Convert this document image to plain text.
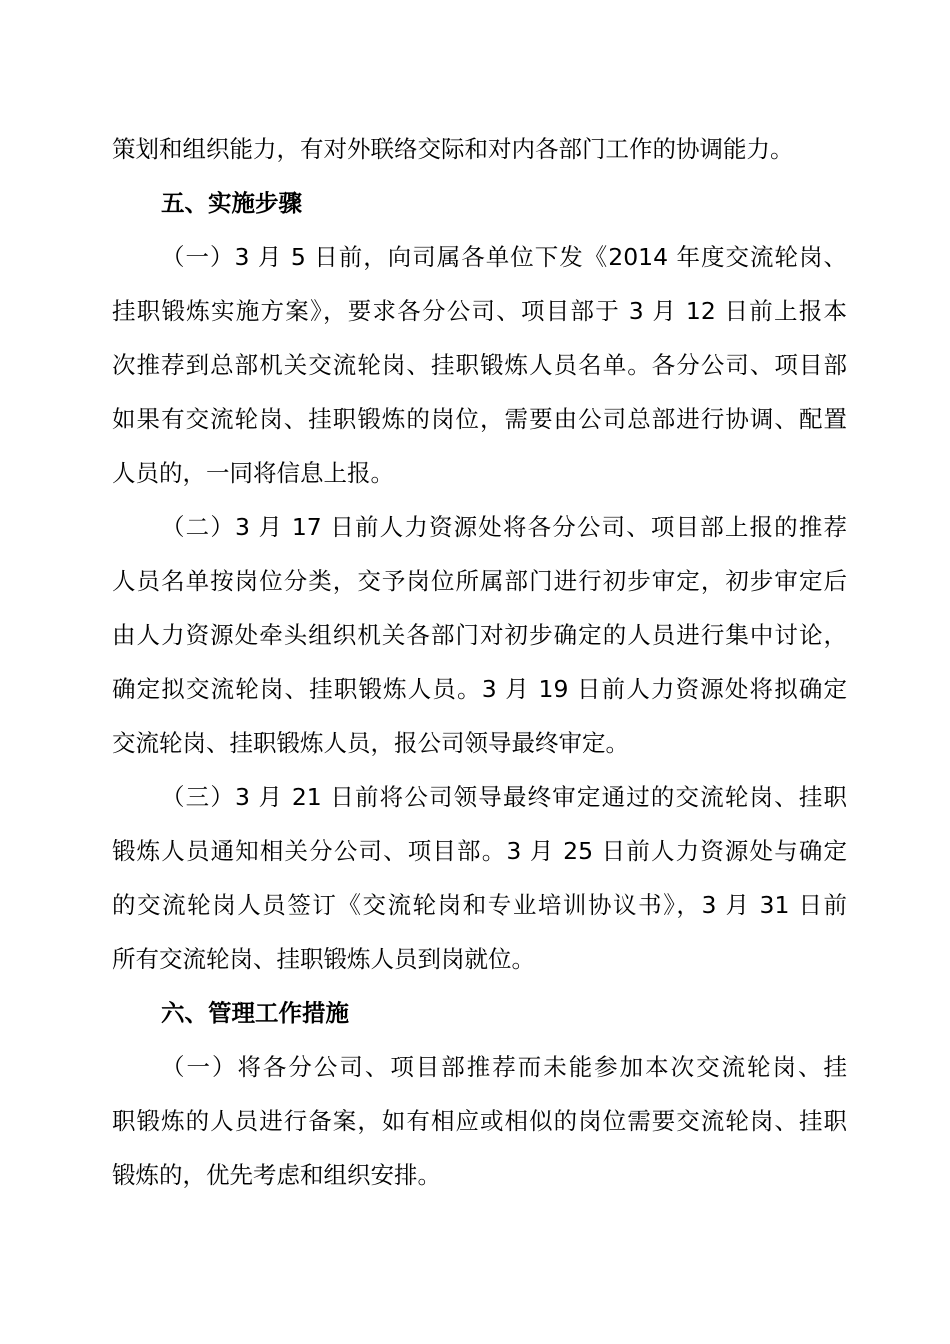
策划和组织能力，有对外联络交际和对内各部门工作的协调能力。
五、实施步骤
（一）3 月 5 日前，向司属各单位下发《2014 年度交流轮岗、
挂职锻炼实施方案》，要求各分公司、项目部于 3 月 12 日前上报本
次推荐到总部机关交流轮岗、挂职锻炼人员名单。各分公司、项目部
如果有交流轮岗、挂职锻炼的岗位，需要由公司总部进行协调、配置
人员的，一同将信息上报。
（二）3 月 17 日前人力资源处将各分公司、项目部上报的推荐
人员名单按岗位分类，交予岗位所属部门进行初步审定，初步审定后
由人力资源处牵头组织机关各部门对初步确定的人员进行集中讨论，
确定拟交流轮岗、挂职锻炼人员。3 月 19 日前人力资源处将拟确定
交流轮岗、挂职锻炼人员，报公司领导最终审定。
（三）3 月 21 日前将公司领导最终审定通过的交流轮岗、挂职
锻炼人员通知相关分公司、项目部。3 月 25 日前人力资源处与确定
的交流轮岗人员签订《交流轮岗和专业培训协议书》，3 月 31 日前
所有交流轮岗、挂职锻炼人员到岗就位。
六、管理工作措施
（一）将各分公司、项目部推荐而未能参加本次交流轮岗、挂
职锻炼的人员进行备案，如有相应或相似的岗位需要交流轮岗、挂职
锻炼的，优先考虑和组织安排。
